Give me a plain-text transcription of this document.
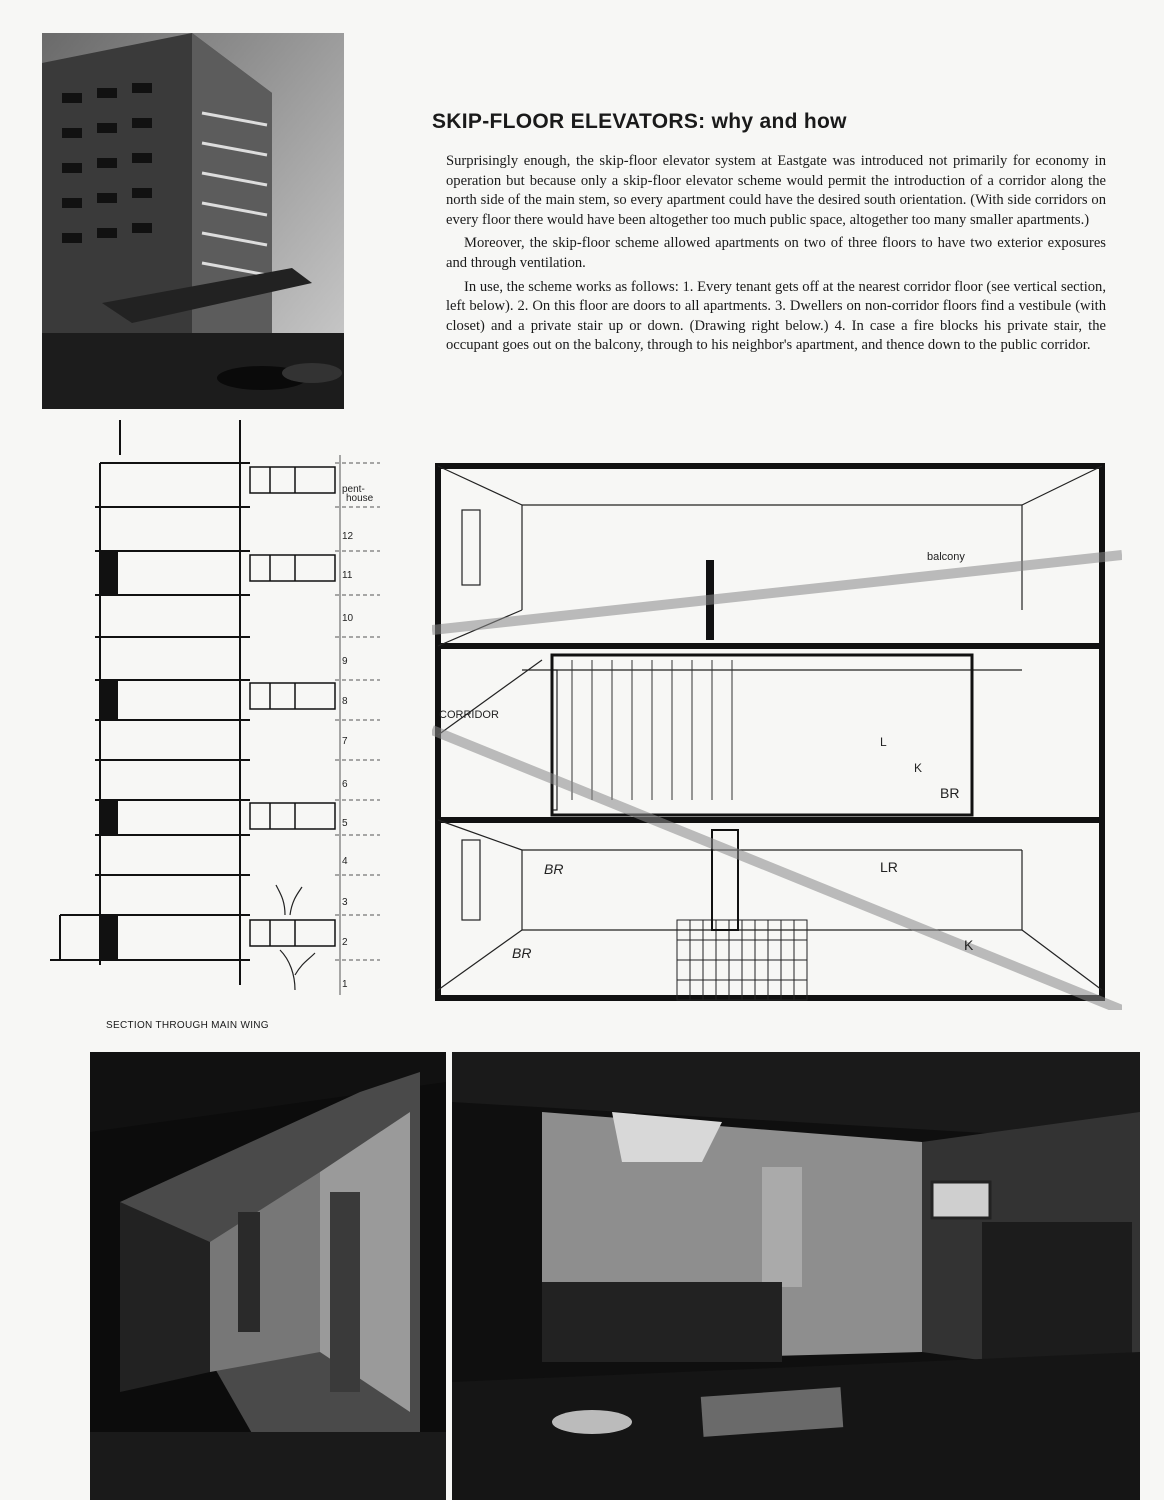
SKIP-FLOOR ELEVATORS: why and how

Surprisingly enough, the skip-floor elevator system at Eastgate was introduced not primarily for economy in operation but because only a skip-floor elevator scheme would permit the introduction of a corridor along the north side of the main stem, so every apartment could have the desired south orientation. (With side corridors on every floor there would have been altogether too much public space, altogether too many smaller apartments.)

Moreover, the skip-floor scheme allowed apartments on two of three floors to have two exterior exposures and through ventilation.

In use, the scheme works as follows: 1. Every tenant gets off at the nearest corridor floor (see vertical section, left below). 2. On this floor are doors to all apartments. 3. Dwellers on non-corridor floors find a vestibule (with closet) and a private stair up or down. (Drawing right below.) 4. In case a fire blocks his private stair, the occupant goes out on the balcony, through to his neighbor's apartment, and thence down to the public corridor.

pent-
house
12
11
10
9
8
7
6
5
4
3
2
1
SECTION THROUGH MAIN WING
balcony
CORRIDOR
L
K
BR
BR	LR
BR	K
